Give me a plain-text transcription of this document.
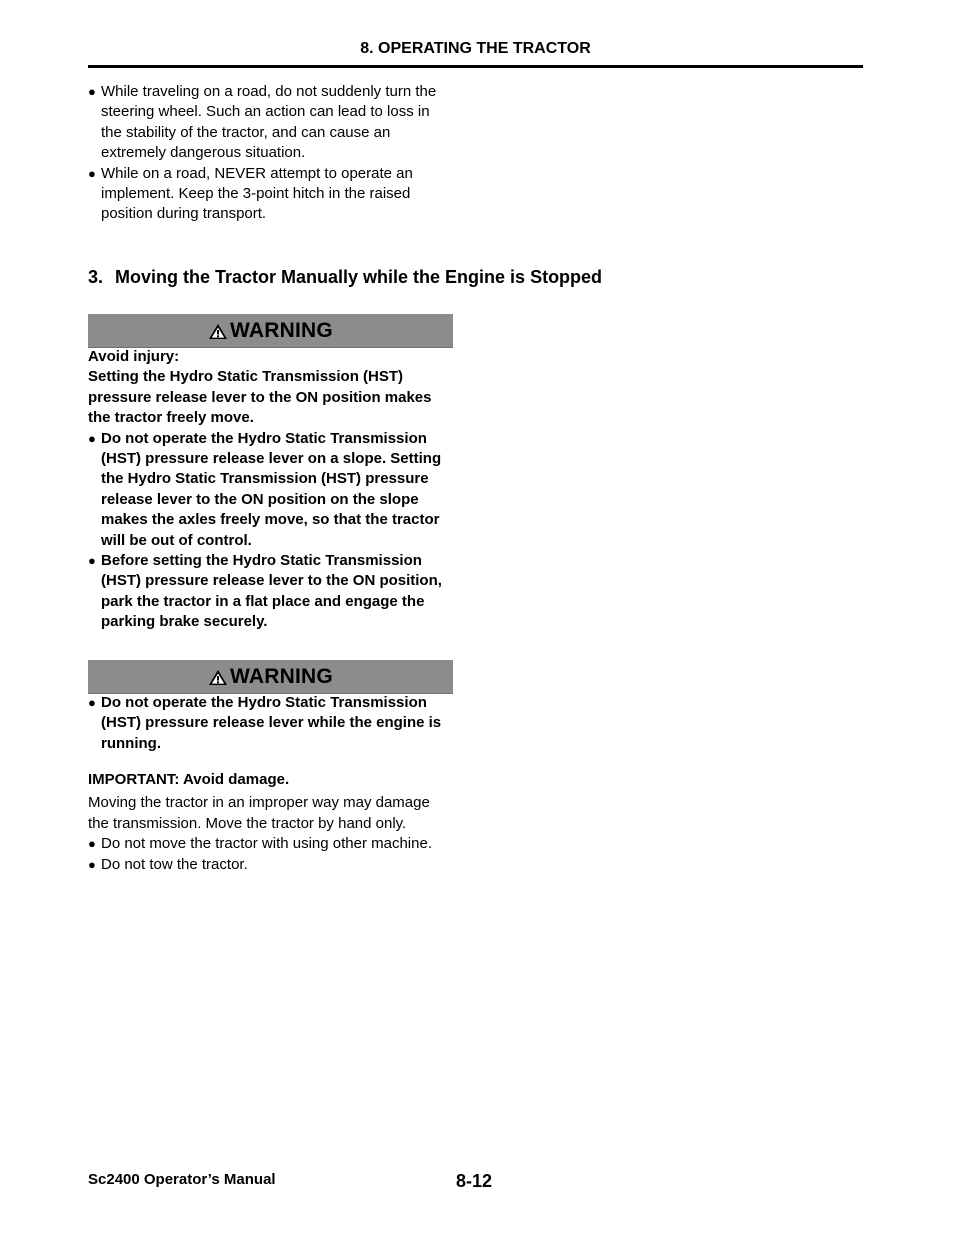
8. OPERATING THE TRACTOR
● While traveling on a road, do not suddenly turn the steering wheel. Such an action can lead to loss in the stability of the tractor, and can cause an extremely dangerous situation.
● While on a road, NEVER attempt to operate an implement. Keep the 3-point hitch in the raised position during transport.
3. Moving the Tractor Manually while the Engine is Stopped
WARNING

Avoid injury:

Setting the Hydro Static Transmission (HST) pressure release lever to the ON position makes the tractor freely move.

● Do not operate the Hydro Static Transmission (HST) pressure release lever on a slope. Setting the Hydro Static Transmission (HST) pressure release lever to the ON position on the slope makes the axles freely move, so that the tractor will be out of control.
● Before setting the Hydro Static Transmission (HST) pressure release lever to the ON position, park the tractor in a flat place and engage the parking brake securely.
WARNING
● Do not operate the Hydro Static Transmission (HST) pressure release lever while the engine is running.

IMPORTANT: Avoid damage.

Moving the tractor in an improper way may damage the transmission. Move the tractor by hand only.

● Do not move the tractor with using other machine.
● Do not tow the tractor.
Sc2400 Operator’s Manual	8-12
